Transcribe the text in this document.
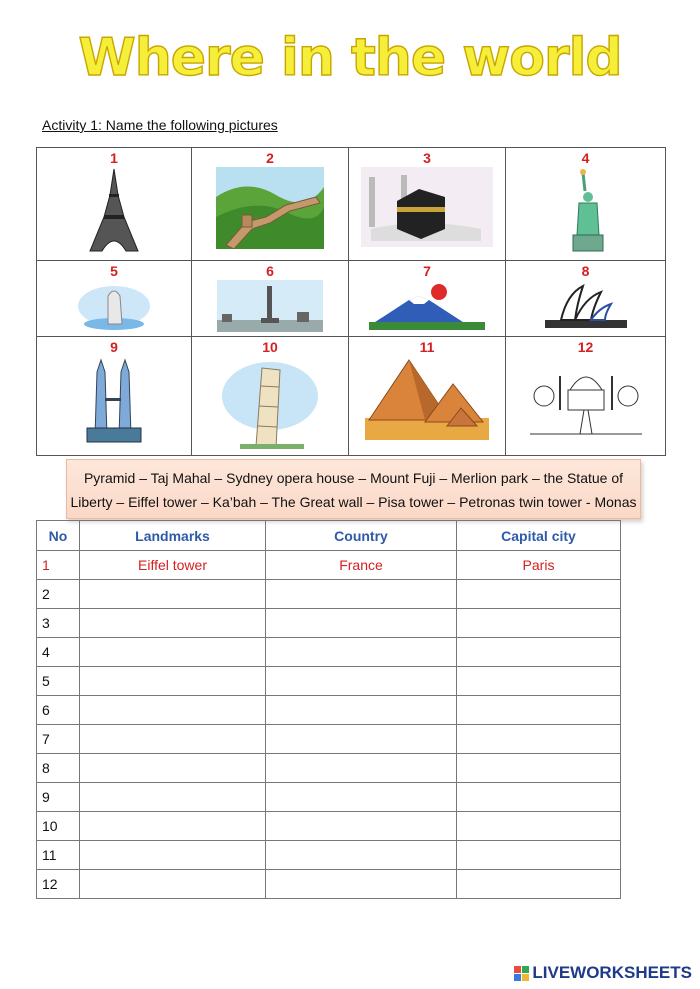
Where in the world
Activity 1: Name the following pictures
1	2	3	4

5	6	7	8

9	10	11	12
Pyramid – Taj Mahal – Sydney opera house – Mount Fuji – Merlion park – the Statue of
Liberty – Eiffel tower – Ka’bah – The Great wall – Pisa tower – Petronas twin tower - Monas
No	Landmarks	Country	Capital city
1	Eiffel tower	France	Paris
2			
3			
4			
5			
6			
7			
8			
9			
10			
11			
12			
LIVEWORKSHEETS
